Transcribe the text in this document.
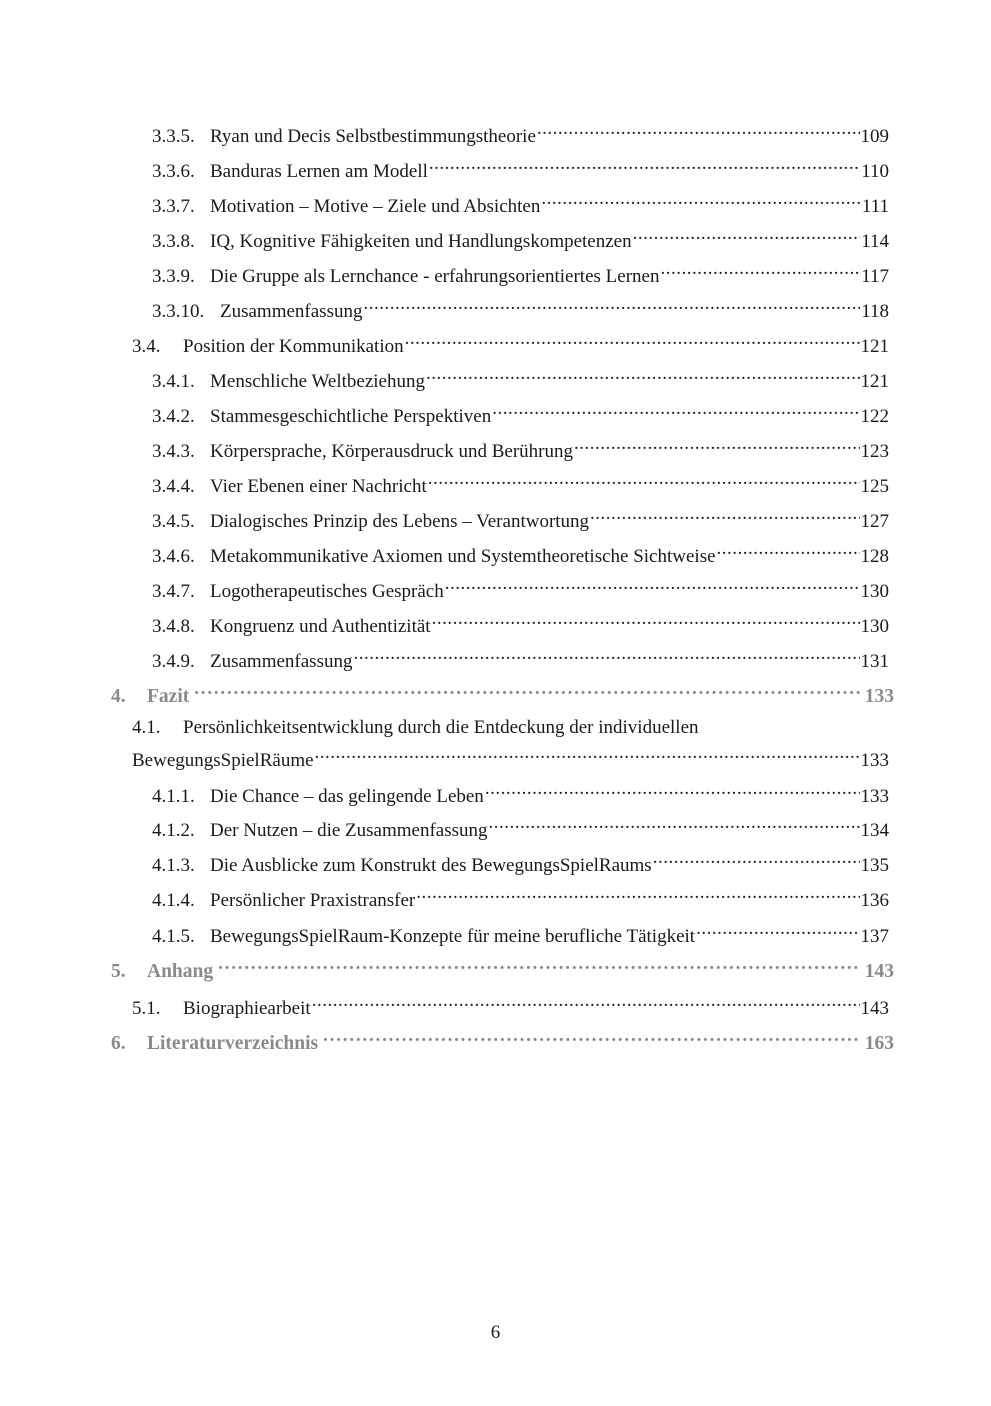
3.3.5. Ryan und Decis Selbstbestimmungstheorie .....	109
3.3.6. Banduras Lernen am Modell .....	110
3.3.7. Motivation – Motive – Ziele und Absichten .....	111
3.3.8. IQ, Kognitive Fähigkeiten und Handlungskompetenzen .....	114
3.3.9. Die Gruppe als Lernchance - erfahrungsorientiertes Lernen .....	117
3.3.10. Zusammenfassung .....	118
3.4.	Position der Kommunikation .....	121
3.4.1. Menschliche Weltbeziehung .....	121
3.4.2. Stammesgeschichtliche Perspektiven .....	122
3.4.3. Körpersprache, Körperausdruck und Berührung .....	123
3.4.4. Vier Ebenen einer Nachricht .....	125
3.4.5. Dialogisches Prinzip des Lebens – Verantwortung .....	127
3.4.6. Metakommunikative Axiomen und Systemtheoretische Sichtweise .....	128
3.4.7. Logotherapeutisches Gespräch .....	130
3.4.8. Kongruenz und Authentizität .....	130
3.4.9. Zusammenfassung .....	131
4.	Fazit .....	133
4.1. Persönlichkeitsentwicklung durch die Entdeckung der individuellen
BewegungsSpielRäume .....	133
4.1.1. Die Chance – das gelingende Leben .....	133
4.1.2. Der Nutzen – die Zusammenfassung .....	134
4.1.3. Die Ausblicke zum Konstrukt des BewegungsSpielRaums .....	135
4.1.4. Persönlicher Praxistransfer .....	136
4.1.5. BewegungsSpielRaum-Konzepte für meine berufliche Tätigkeit .....	137
5.	Anhang .....	143
5.1.	Biographiearbeit .....	143
6.	Literaturverzeichnis .....	163
6
